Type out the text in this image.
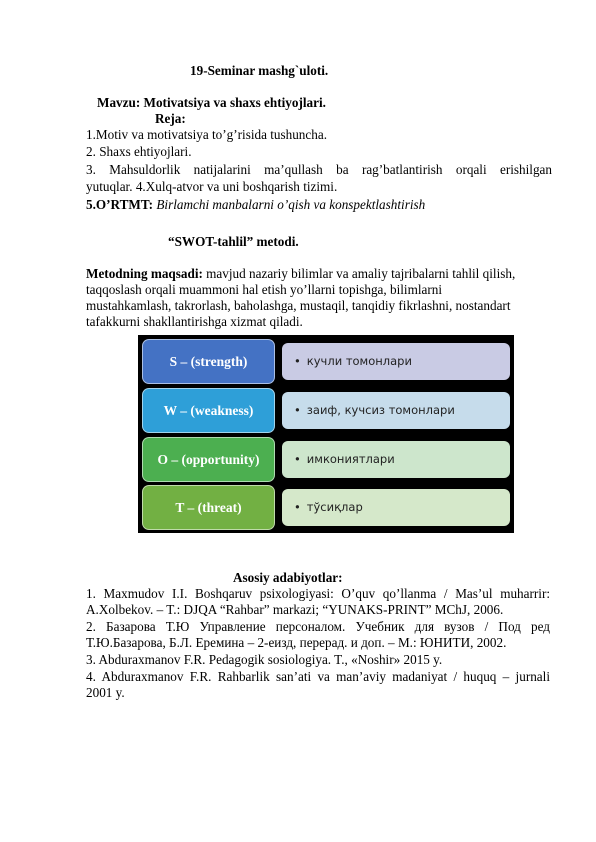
19-Seminar mashg`uloti.
Mavzu: Motivatsiya va shaxs ehtiyojlari.
Reja:
1.Motiv va motivatsiya to’g’risida tushuncha.
2. Shaxs ehtiyojlari.
3. Mahsuldorlik natijalarini ma’qullash ba rag’batlantirish orqali erishilgan
yutuqlar. 4.Xulq-atvor va uni boshqarish tizimi.
5.O’RTMT: Birlamchi manbalarni o’qish va konspektlashtirish
“SWOT-tahlil” metodi.
Metodning maqsadi: mavjud nazariy bilimlar va amaliy tajribalarni tahlil qilish,
taqqoslash orqali muammoni hal etish yo’llarni topishga, bilimlarni
mustahkamlash, takrorlash, baholashga, mustaqil, tanqidiy fikrlashni, nostandart
tafakkurni shakllantirishga xizmat qiladi.
S – (strength)	• кучли томонлари
W – (weakness)	• заиф, кучсиз томонлари
O – (opportunity)	• имкониятлари
T – (threat)	• тўсиқлар
Asosiy adabiyotlar:
1. Maxmudov I.I. Boshqaruv psixologiyasi: O’quv qo’llanma / Mas’ul muharrir:
A.Xolbekov. – T.: DJQA “Rahbar” markazi; “YUNAKS-PRINT” MChJ, 2006.
2. Базарова Т.Ю Управление персоналом. Учебник для вузов / Под ред
Т.Ю.Базарова, Б.Л. Еремина – 2-еизд, перерад. и доп. – М.: ЮНИТИ, 2002.
3. Abduraxmanov F.R. Pedagogik sosiologiya. T., «Noshir» 2015 y.
4. Abduraxmanov F.R. Rahbarlik san’ati va man’aviy madaniyat / huquq – jurnali
2001 y.
